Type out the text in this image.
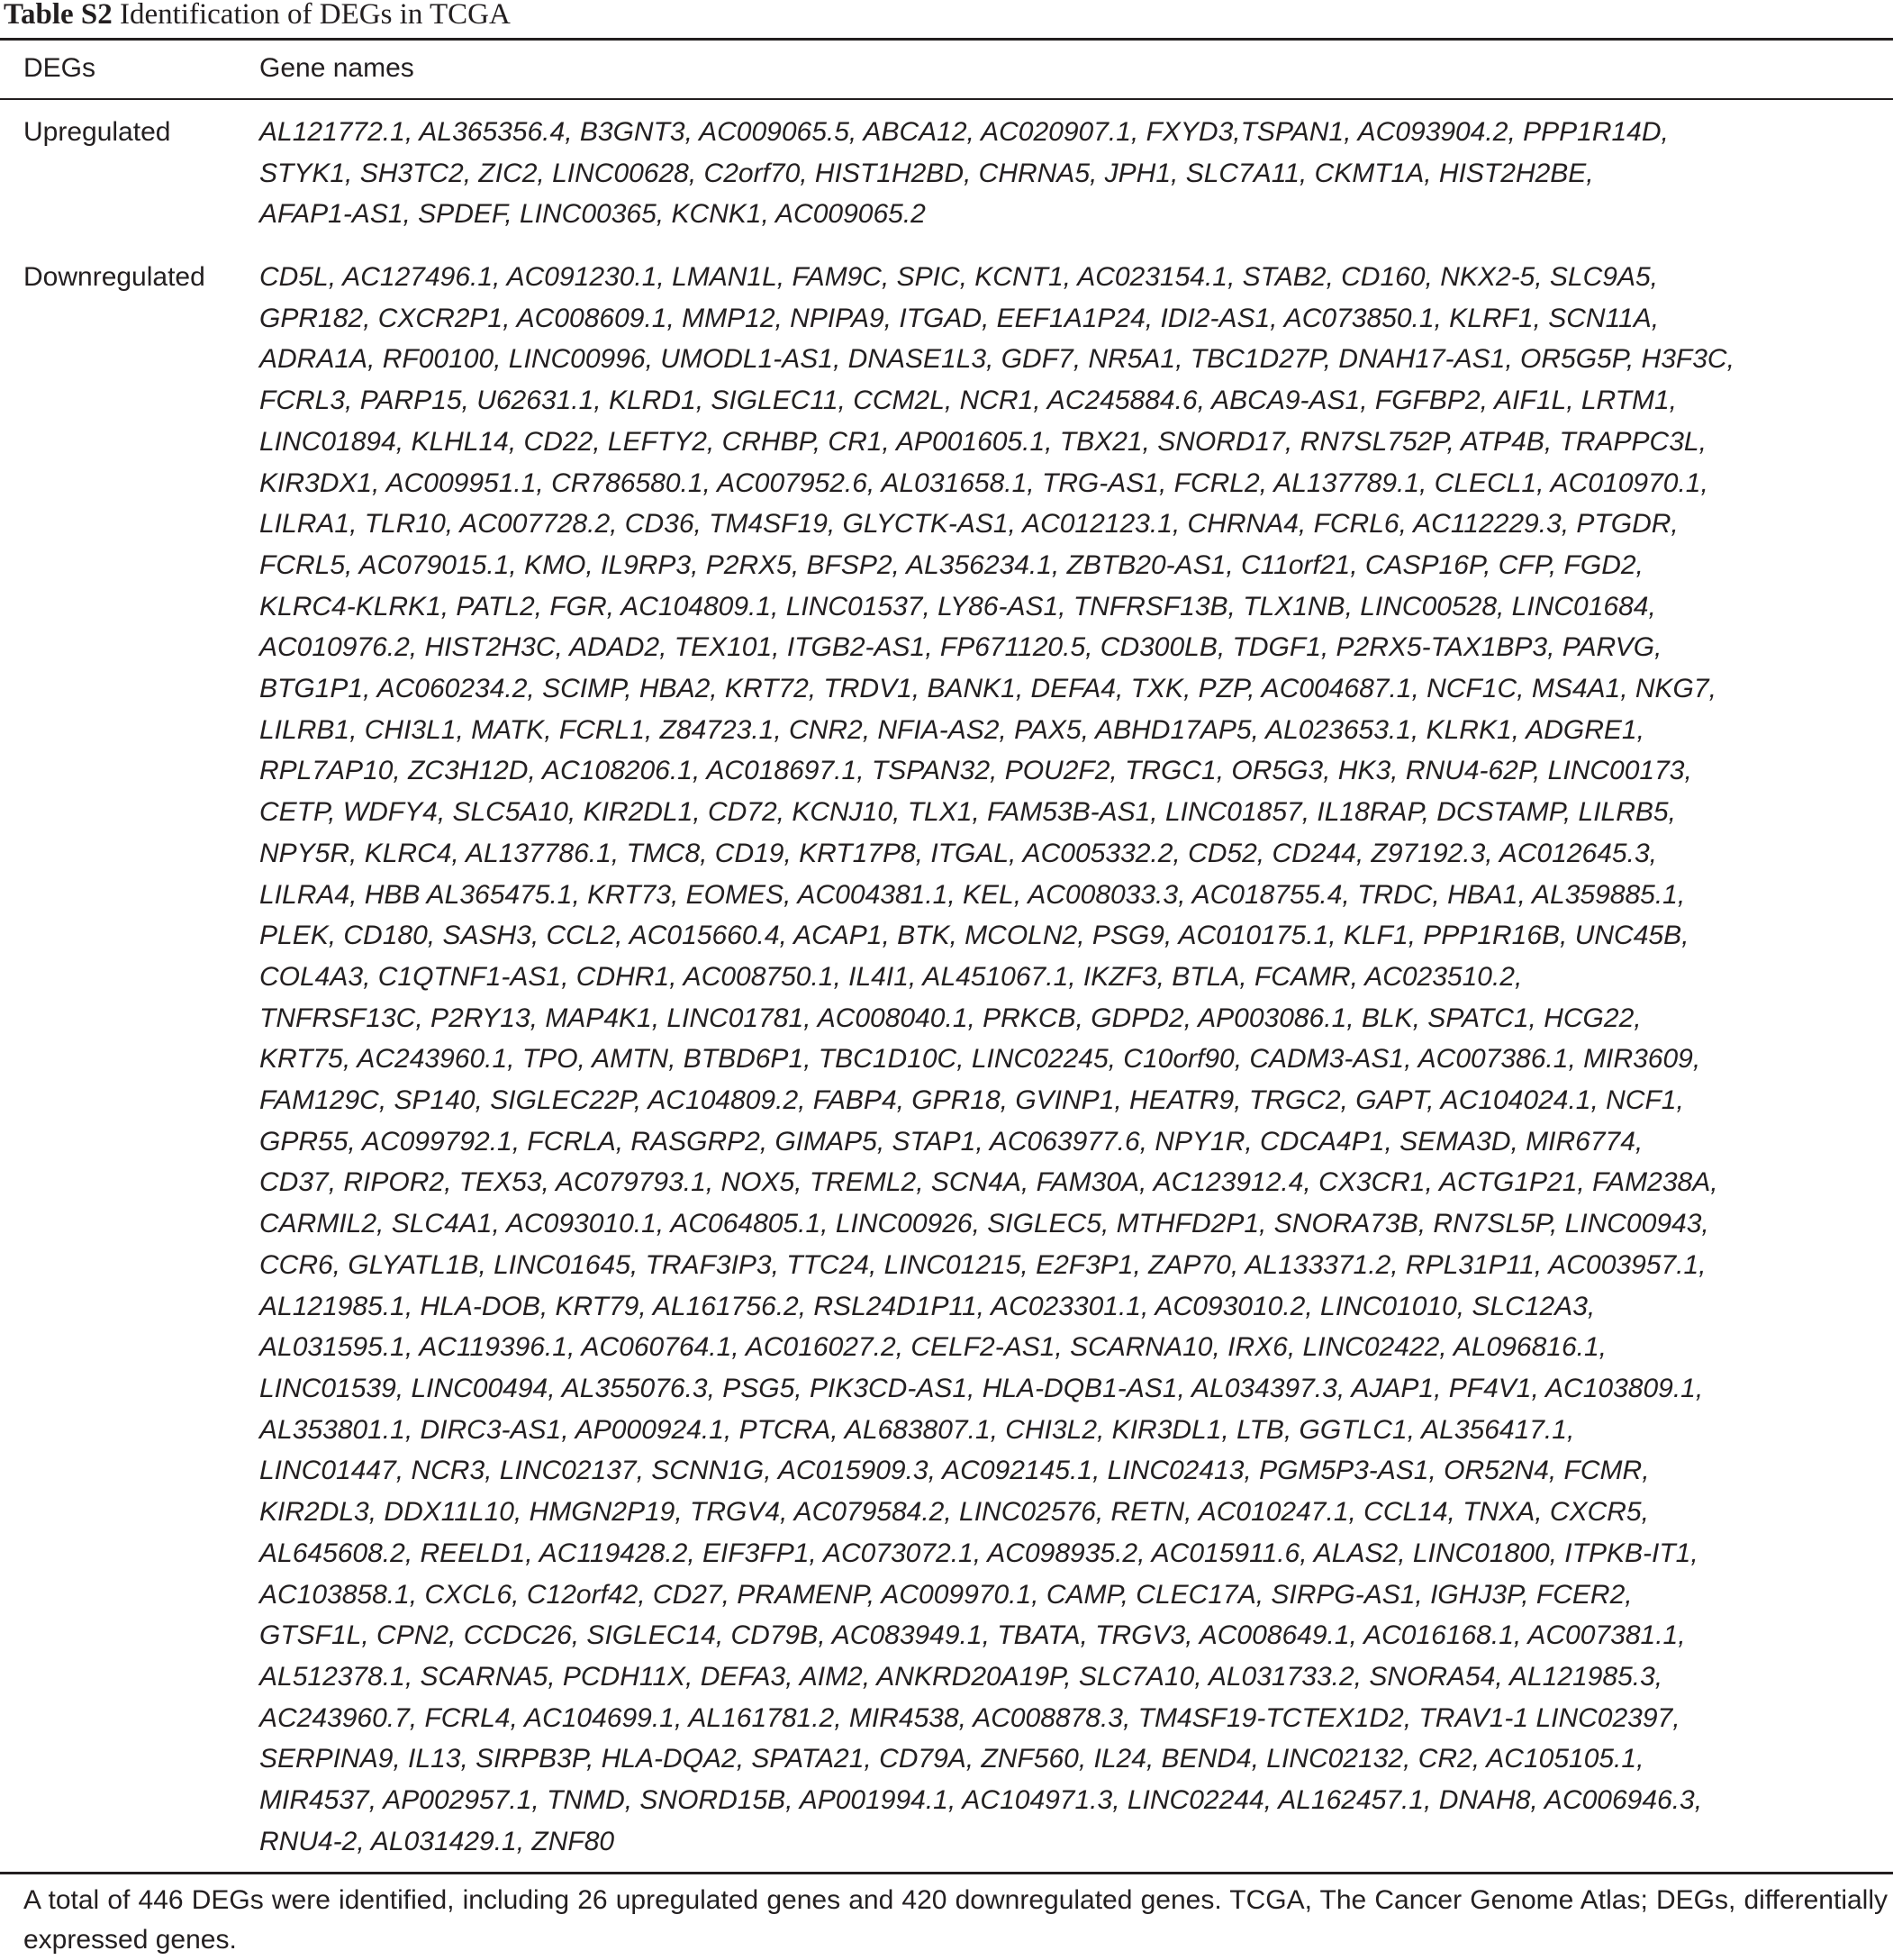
Table S2 Identification of DEGs in TCGA
DEGs	Gene names
Upregulated	AL121772.1, AL365356.4, B3GNT3, AC009065.5, ABCA12, AC020907.1, FXYD3,TSPAN1, AC093904.2, PPP1R14D,
STYK1, SH3TC2, ZIC2, LINC00628, C2orf70, HIST1H2BD, CHRNA5, JPH1, SLC7A11, CKMT1A, HIST2H2BE,
AFAP1-AS1, SPDEF, LINC00365, KCNK1, AC009065.2
Downregulated CD5L, AC127496.1, AC091230.1, LMAN1L, FAM9C, SPIC, KCNT1, AC023154.1, STAB2, CD160, NKX2-5, SLC9A5,
GPR182, CXCR2P1, AC008609.1, MMP12, NPIPA9, ITGAD, EEF1A1P24, IDI2-AS1, AC073850.1, KLRF1, SCN11A,
ADRA1A, RF00100, LINC00996, UMODL1-AS1, DNASE1L3, GDF7, NR5A1, TBC1D27P, DNAH17-AS1, OR5G5P, H3F3C,
FCRL3, PARP15, U62631.1, KLRD1, SIGLEC11, CCM2L, NCR1, AC245884.6, ABCA9-AS1, FGFBP2, AIF1L, LRTM1,
LINC01894, KLHL14, CD22, LEFTY2, CRHBP, CR1, AP001605.1, TBX21, SNORD17, RN7SL752P, ATP4B, TRAPPC3L,
KIR3DX1, AC009951.1, CR786580.1, AC007952.6, AL031658.1, TRG-AS1, FCRL2, AL137789.1, CLECL1, AC010970.1,
LILRA1, TLR10, AC007728.2, CD36, TM4SF19, GLYCTK-AS1, AC012123.1, CHRNA4, FCRL6, AC112229.3, PTGDR,
FCRL5, AC079015.1, KMO, IL9RP3, P2RX5, BFSP2, AL356234.1, ZBTB20-AS1, C11orf21, CASP16P, CFP, FGD2,
KLRC4-KLRK1, PATL2, FGR, AC104809.1, LINC01537, LY86-AS1, TNFRSF13B, TLX1NB, LINC00528, LINC01684,
AC010976.2, HIST2H3C, ADAD2, TEX101, ITGB2-AS1, FP671120.5, CD300LB, TDGF1, P2RX5-TAX1BP3, PARVG,
BTG1P1, AC060234.2, SCIMP, HBA2, KRT72, TRDV1, BANK1, DEFA4, TXK, PZP, AC004687.1, NCF1C, MS4A1, NKG7,
LILRB1, CHI3L1, MATK, FCRL1, Z84723.1, CNR2, NFIA-AS2, PAX5, ABHD17AP5, AL023653.1, KLRK1, ADGRE1,
RPL7AP10, ZC3H12D, AC108206.1, AC018697.1, TSPAN32, POU2F2, TRGC1, OR5G3, HK3, RNU4-62P, LINC00173,
CETP, WDFY4, SLC5A10, KIR2DL1, CD72, KCNJ10, TLX1, FAM53B-AS1, LINC01857, IL18RAP, DCSTAMP, LILRB5,
NPY5R, KLRC4, AL137786.1, TMC8, CD19, KRT17P8, ITGAL, AC005332.2, CD52, CD244, Z97192.3, AC012645.3,
LILRA4, HBB AL365475.1, KRT73, EOMES, AC004381.1, KEL, AC008033.3, AC018755.4, TRDC, HBA1, AL359885.1,
PLEK, CD180, SASH3, CCL2, AC015660.4, ACAP1, BTK, MCOLN2, PSG9, AC010175.1, KLF1, PPP1R16B, UNC45B,
COL4A3, C1QTNF1-AS1, CDHR1, AC008750.1, IL4I1, AL451067.1, IKZF3, BTLA, FCAMR, AC023510.2,
TNFRSF13C, P2RY13, MAP4K1, LINC01781, AC008040.1, PRKCB, GDPD2, AP003086.1, BLK, SPATC1, HCG22,
KRT75, AC243960.1, TPO, AMTN, BTBD6P1, TBC1D10C, LINC02245, C10orf90, CADM3-AS1, AC007386.1, MIR3609,
FAM129C, SP140, SIGLEC22P, AC104809.2, FABP4, GPR18, GVINP1, HEATR9, TRGC2, GAPT, AC104024.1, NCF1,
GPR55, AC099792.1, FCRLA, RASGRP2, GIMAP5, STAP1, AC063977.6, NPY1R, CDCA4P1, SEMA3D, MIR6774,
CD37, RIPOR2, TEX53, AC079793.1, NOX5, TREML2, SCN4A, FAM30A, AC123912.4, CX3CR1, ACTG1P21, FAM238A,
CARMIL2, SLC4A1, AC093010.1, AC064805.1, LINC00926, SIGLEC5, MTHFD2P1, SNORA73B, RN7SL5P, LINC00943,
CCR6, GLYATL1B, LINC01645, TRAF3IP3, TTC24, LINC01215, E2F3P1, ZAP70, AL133371.2, RPL31P11, AC003957.1,
AL121985.1, HLA-DOB, KRT79, AL161756.2, RSL24D1P11, AC023301.1, AC093010.2, LINC01010, SLC12A3,
AL031595.1, AC119396.1, AC060764.1, AC016027.2, CELF2-AS1, SCARNA10, IRX6, LINC02422, AL096816.1,
LINC01539, LINC00494, AL355076.3, PSG5, PIK3CD-AS1, HLA-DQB1-AS1, AL034397.3, AJAP1, PF4V1, AC103809.1,
AL353801.1, DIRC3-AS1, AP000924.1, PTCRA, AL683807.1, CHI3L2, KIR3DL1, LTB, GGTLC1, AL356417.1,
LINC01447, NCR3, LINC02137, SCNN1G, AC015909.3, AC092145.1, LINC02413, PGM5P3-AS1, OR52N4, FCMR,
KIR2DL3, DDX11L10, HMGN2P19, TRGV4, AC079584.2, LINC02576, RETN, AC010247.1, CCL14, TNXA, CXCR5,
AL645608.2, REELD1, AC119428.2, EIF3FP1, AC073072.1, AC098935.2, AC015911.6, ALAS2, LINC01800, ITPKB-IT1,
AC103858.1, CXCL6, C12orf42, CD27, PRAMENP, AC009970.1, CAMP, CLEC17A, SIRPG-AS1, IGHJ3P, FCER2,
GTSF1L, CPN2, CCDC26, SIGLEC14, CD79B, AC083949.1, TBATA, TRGV3, AC008649.1, AC016168.1, AC007381.1,
AL512378.1, SCARNA5, PCDH11X, DEFA3, AIM2, ANKRD20A19P, SLC7A10, AL031733.2, SNORA54, AL121985.3,
AC243960.7, FCRL4, AC104699.1, AL161781.2, MIR4538, AC008878.3, TM4SF19-TCTEX1D2, TRAV1-1 LINC02397,
SERPINA9, IL13, SIRPB3P, HLA-DQA2, SPATA21, CD79A, ZNF560, IL24, BEND4, LINC02132, CR2, AC105105.1,
MIR4537, AP002957.1, TNMD, SNORD15B, AP001994.1, AC104971.3, LINC02244, AL162457.1, DNAH8, AC006946.3,
RNU4-2, AL031429.1, ZNF80
A total of 446 DEGs were identified, including 26 upregulated genes and 420 downregulated genes. TCGA, The Cancer Genome Atlas; DEGs, differentially expressed genes.
